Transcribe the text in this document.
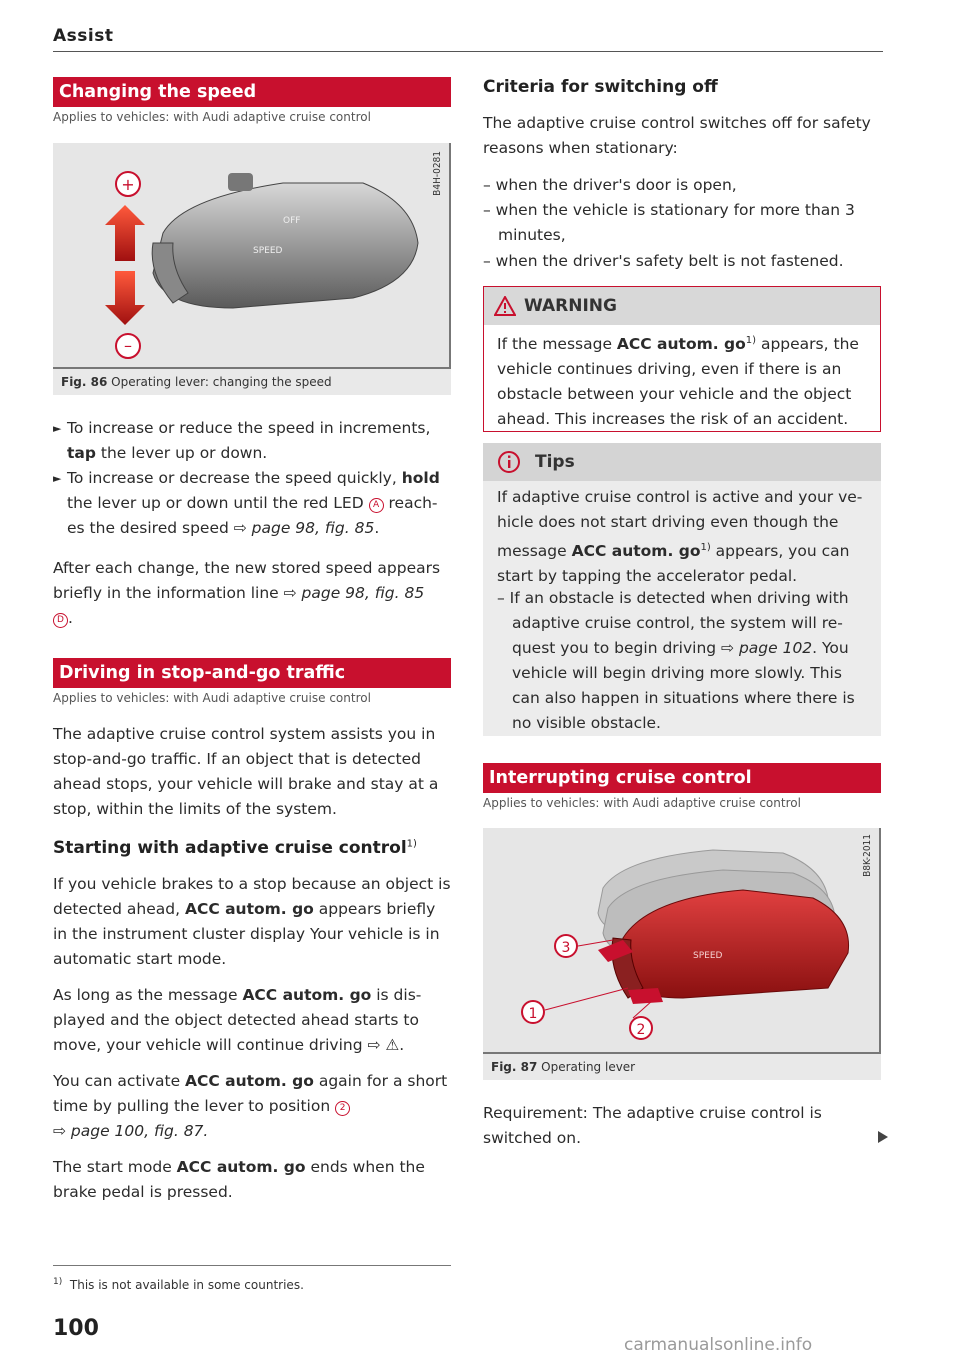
Assist
Changing the speed
Applies to vehicles: with Audi adaptive cruise control
SPEED
OFF
+
–
B4H-0281
Fig. 86 Operating lever: changing the speed
► To increase or reduce the speed in increments, tap the lever up or down.
► To increase or decrease the speed quickly, hold the lever up or down until the red LED A reach-es the desired speed ⇨ page 98, fig. 85.
After each change, the new stored speed appears briefly in the information line ⇨ page 98, fig. 85
D .
Driving in stop-and-go traffic
Applies to vehicles: with Audi adaptive cruise control
The adaptive cruise control system assists you in stop-and-go traffic. If an object that is detected ahead stops, your vehicle will brake and stay at a stop, within the limits of the system.
Starting with adaptive cruise control$^{1)}$
If you vehicle brakes to a stop because an object is detected ahead, ACC autom. go appears briefly in the instrument cluster display Your vehicle is in automatic start mode.
As long as the message ACC autom. go is dis-played and the object detected ahead starts to move, your vehicle will continue driving ⇨ ⚠.
You can activate ACC autom. go again for a short time by pulling the lever to position 2
⇨ page 100, fig. 87.
The start mode ACC autom. go ends when the brake pedal is pressed.
Criteria for switching off
The adaptive cruise control switches off for safety reasons when stationary:
– when the driver's door is open,
– when the vehicle is stationary for more than 3 minutes,
– when the driver's safety belt is not fastened.
WARNING
If the message ACC autom. $go^{1)}$ appears, the vehicle continues driving, even if there is an obstacle between your vehicle and the object ahead. This increases the risk of an accident.
Tips
If adaptive cruise control is active and your ve-hicle does not start driving even though the message ACC autom. $go^{1)}$ appears, you can start by tapping the accelerator pedal.
– If an obstacle is detected when driving with adaptive cruise control, the system will re-quest you to begin driving ⇨ page 102. You vehicle will begin driving more slowly. This can also happen in situations where there is no visible obstacle.
Interrupting cruise control
Applies to vehicles: with Audi adaptive cruise control
SPEED
3
1
2
B8K-2011
Fig. 87 Operating lever
Requirement: The adaptive cruise control is switched on.
$^{1)}$ This is not available in some countries.
100
carmanualsonline.info
